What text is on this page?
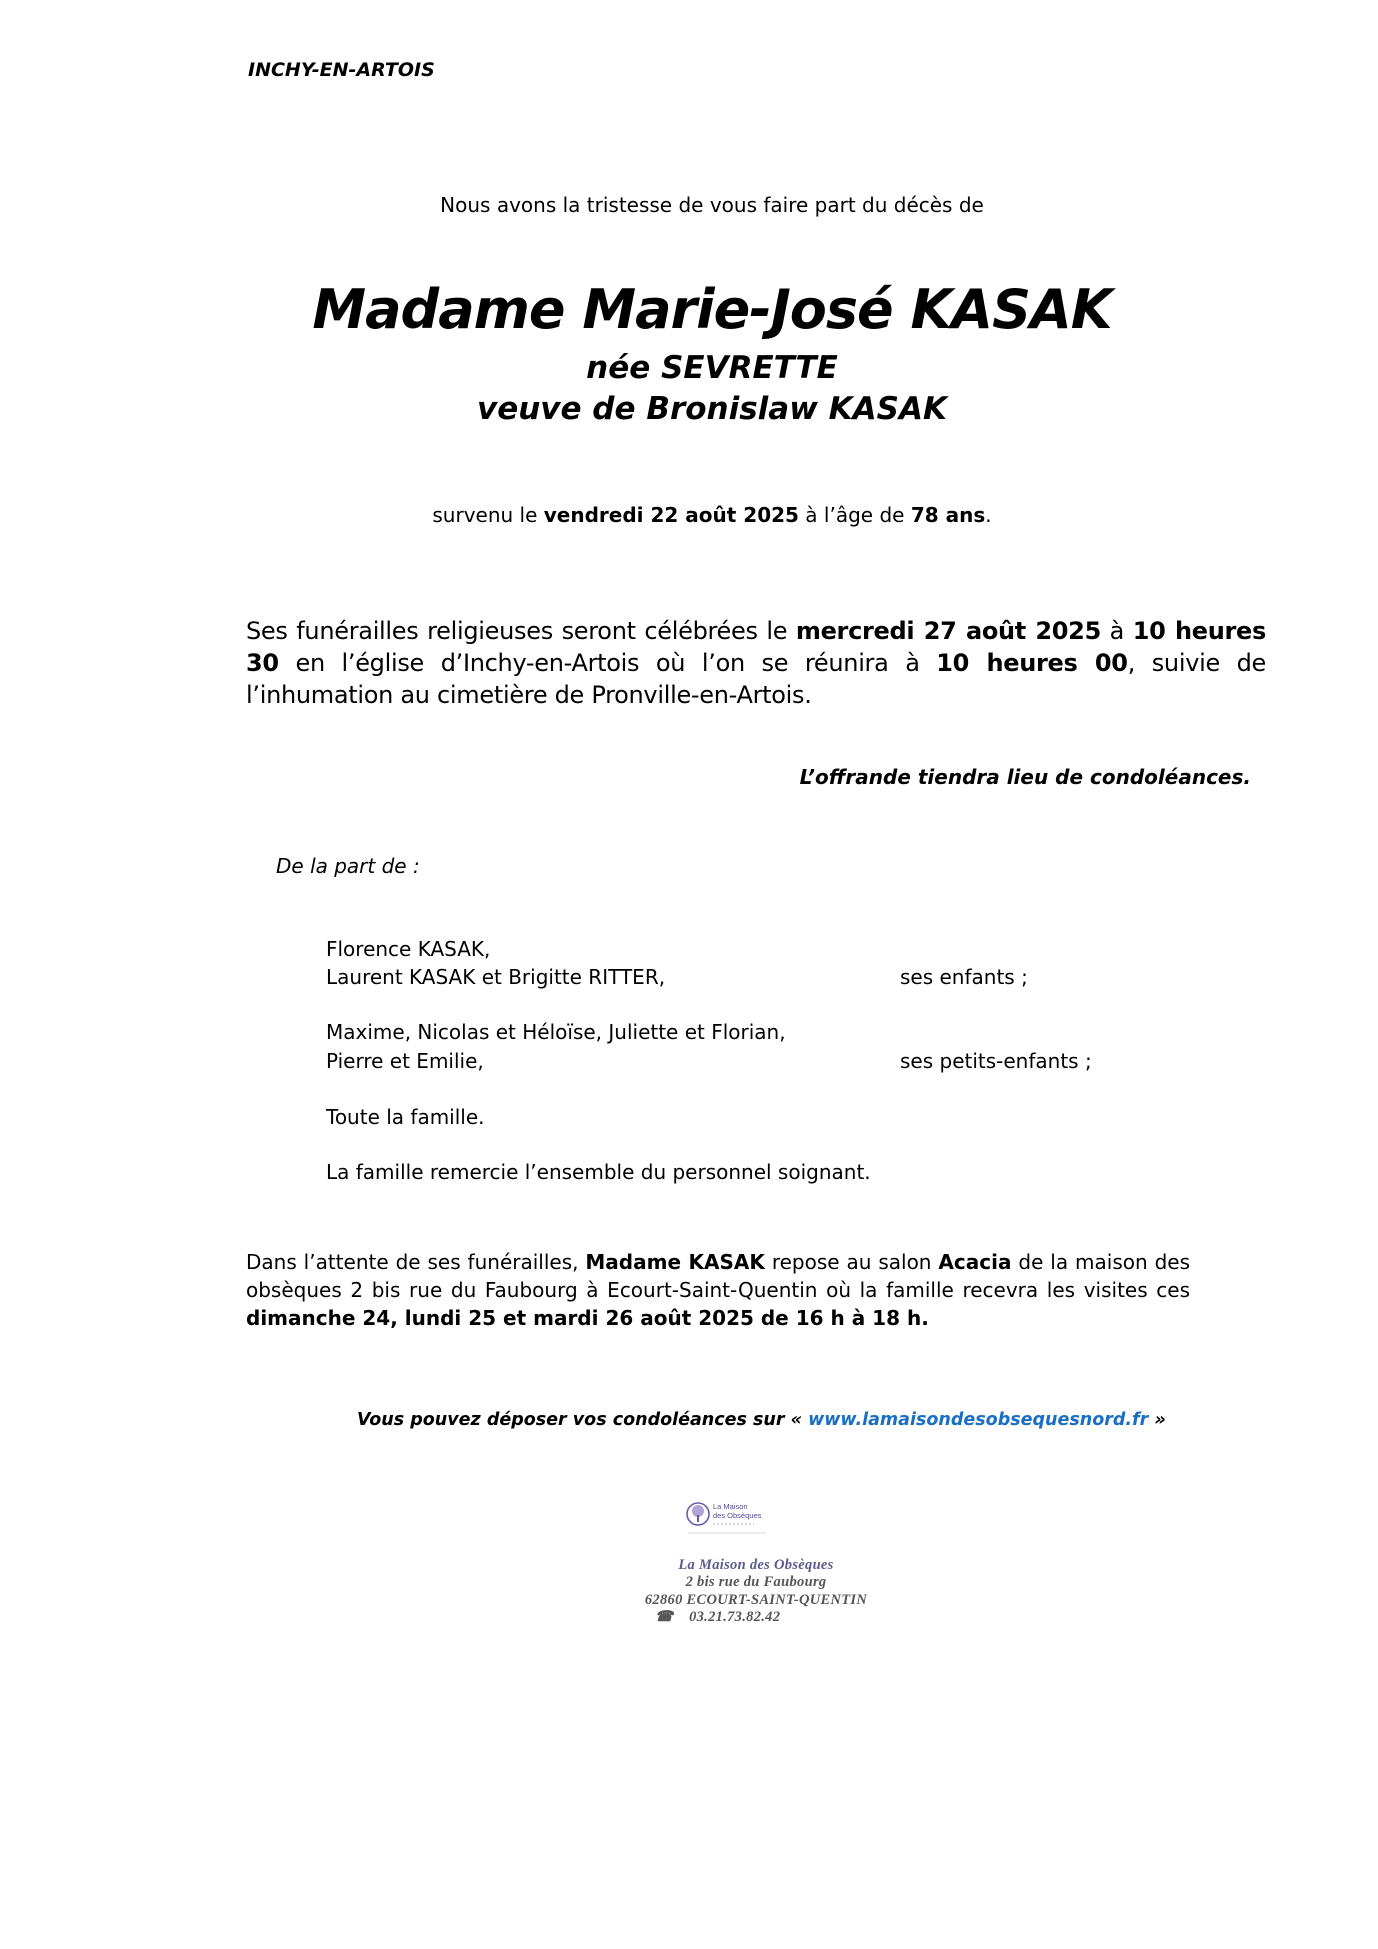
INCHY-EN-ARTOIS
Nous avons la tristesse de vous faire part du décès de
Madame Marie-José KASAK
née SEVRETTE
veuve de Bronislaw KASAK
survenu le vendredi 22 août 2025 à l’âge de 78 ans.
Ses funérailles religieuses seront célébrées le mercredi 27 août 2025 à 10 heures 30 en l’église d’Inchy-en-Artois où l’on se réunira à 10 heures 00, suivie de l’inhumation au cimetière de Pronville-en-Artois.
L’offrande tiendra lieu de condoléances.
De la part de :
Florence KASAK,
Laurent KASAK et Brigitte RITTER,	ses enfants ;
Maxime, Nicolas et Héloïse, Juliette et Florian,
Pierre et Emilie,	ses petits-enfants ;
Toute la famille.
La famille remercie l’ensemble du personnel soignant.
Dans l’attente de ses funérailles, Madame KASAK repose au salon Acacia de la maison des obsèques 2 bis rue du Faubourg à Ecourt-Saint-Quentin où la famille recevra les visites ces dimanche 24, lundi 25 et mardi 26 août 2025 de 16 h à 18 h.
Vous pouvez déposer vos condoléances sur « www.lamaisondesobsequesnord.fr »
La Maison
des Obsèques
La Maison des Obsèques
2 bis rue du Faubourg
62860 ECOURT-SAINT-QUENTIN
☎ 03.21.73.82.42
